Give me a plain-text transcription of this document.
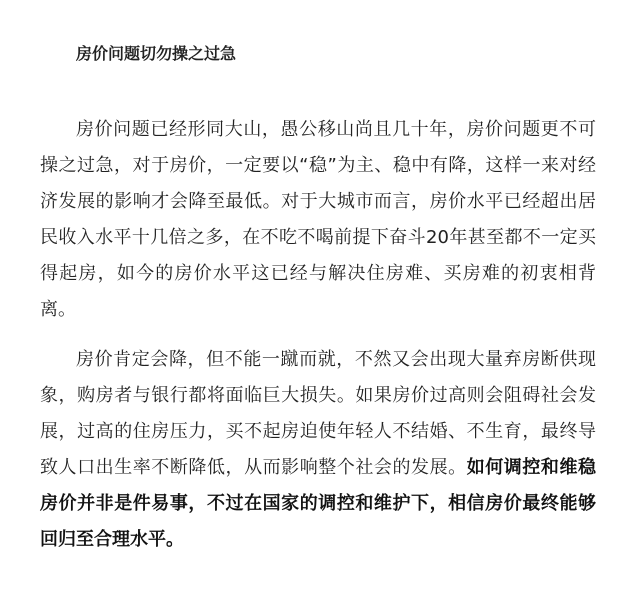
房价问题切勿操之过急

房价问题已经形同大山，愚公移山尚且几十年，房价问题更不可操之过急，对于房价，一定要以“稳”为主、稳中有降，这样一来对经济发展的影响才会降至最低。对于大城市而言，房价水平已经超出居民收入水平十几倍之多，在不吃不喝前提下奋斗20年甚至都不一定买得起房，如今的房价水平这已经与解决住房难、买房难的初衷相背离。

房价肯定会降，但不能一蹴而就，不然又会出现大量弃房断供现象，购房者与银行都将面临巨大损失。如果房价过高则会阻碍社会发展，过高的住房压力，买不起房迫使年轻人不结婚、不生育，最终导致人口出生率不断降低，从而影响整个社会的发展。如何调控和维稳房价并非是件易事，不过在国家的调控和维护下，相信房价最终能够回归至合理水平。
